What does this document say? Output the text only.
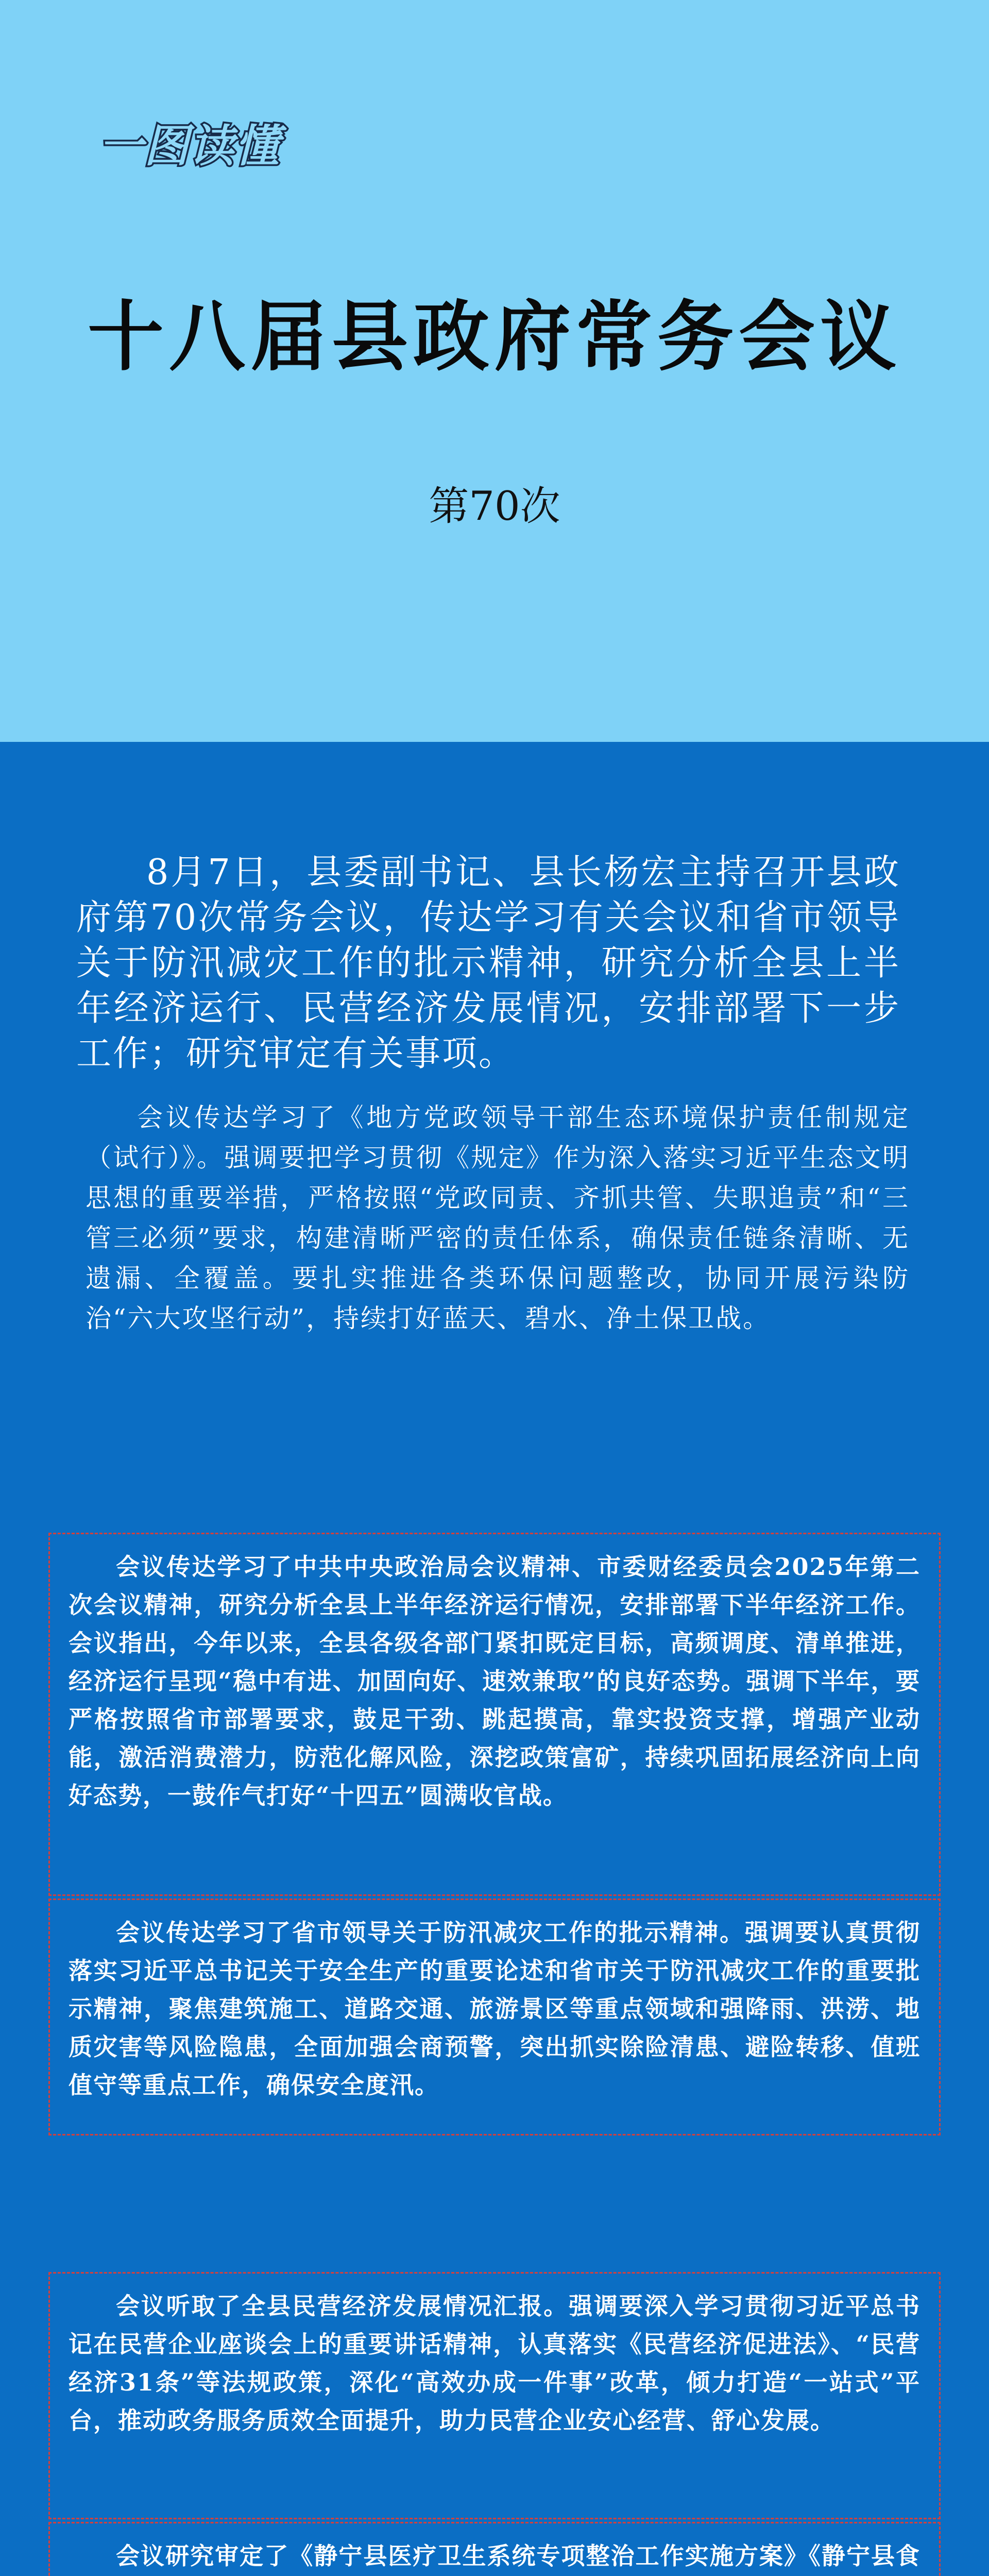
一图读懂
十八届县政府常务会议
第70次

8月7日，县委副书记、县长杨宏主持召开县政府第70次常务会议，传达学习有关会议和省市领导关于防汛减灾工作的批示精神，研究分析全县上半年经济运行、民营经济发展情况，安排部署下一步工作；研究审定有关事项。

会议传达学习了《地方党政领导干部生态环境保护责任制规定（试行）》。强调要把学习贯彻《规定》作为深入落实习近平生态文明思想的重要举措，严格按照“党政同责、齐抓共管、失职追责”和“三管三必须”要求，构建清晰严密的责任体系，确保责任链条清晰、无遗漏、全覆盖。要扎实推进各类环保问题整改，协同开展污染防治“六大攻坚行动”，持续打好蓝天、碧水、净土保卫战。

会议传达学习了中共中央政治局会议精神、市委财经委员会2025年第二次会议精神，研究分析全县上半年经济运行情况，安排部署下半年经济工作。会议指出，今年以来，全县各级各部门紧扣既定目标，高频调度、清单推进，经济运行呈现“稳中有进、加固向好、速效兼取”的良好态势。强调下半年，要严格按照省市部署要求，鼓足干劲、跳起摸高，靠实投资支撑，增强产业动能，激活消费潜力，防范化解风险，深挖政策富矿，持续巩固拓展经济向上向好态势，一鼓作气打好“十四五”圆满收官战。

会议传达学习了省市领导关于防汛减灾工作的批示精神。强调要认真贯彻落实习近平总书记关于安全生产的重要论述和省市关于防汛减灾工作的重要批示精神，聚焦建筑施工、道路交通、旅游景区等重点领域和强降雨、洪涝、地质灾害等风险隐患，全面加强会商预警，突出抓实除险清患、避险转移、值班值守等重点工作，确保安全度汛。

会议听取了全县民营经济发展情况汇报。强调要深入学习贯彻习近平总书记在民营企业座谈会上的重要讲话精神，认真落实《民营经济促进法》、“民营经济31条”等法规政策，深化“高效办成一件事”改革，倾力打造“一站式”平台，推动政务服务质效全面提升，助力民营企业安心经营、舒心发展。

会议研究审定了《静宁县医疗卫生系统专项整治工作实施方案》《静宁县食
